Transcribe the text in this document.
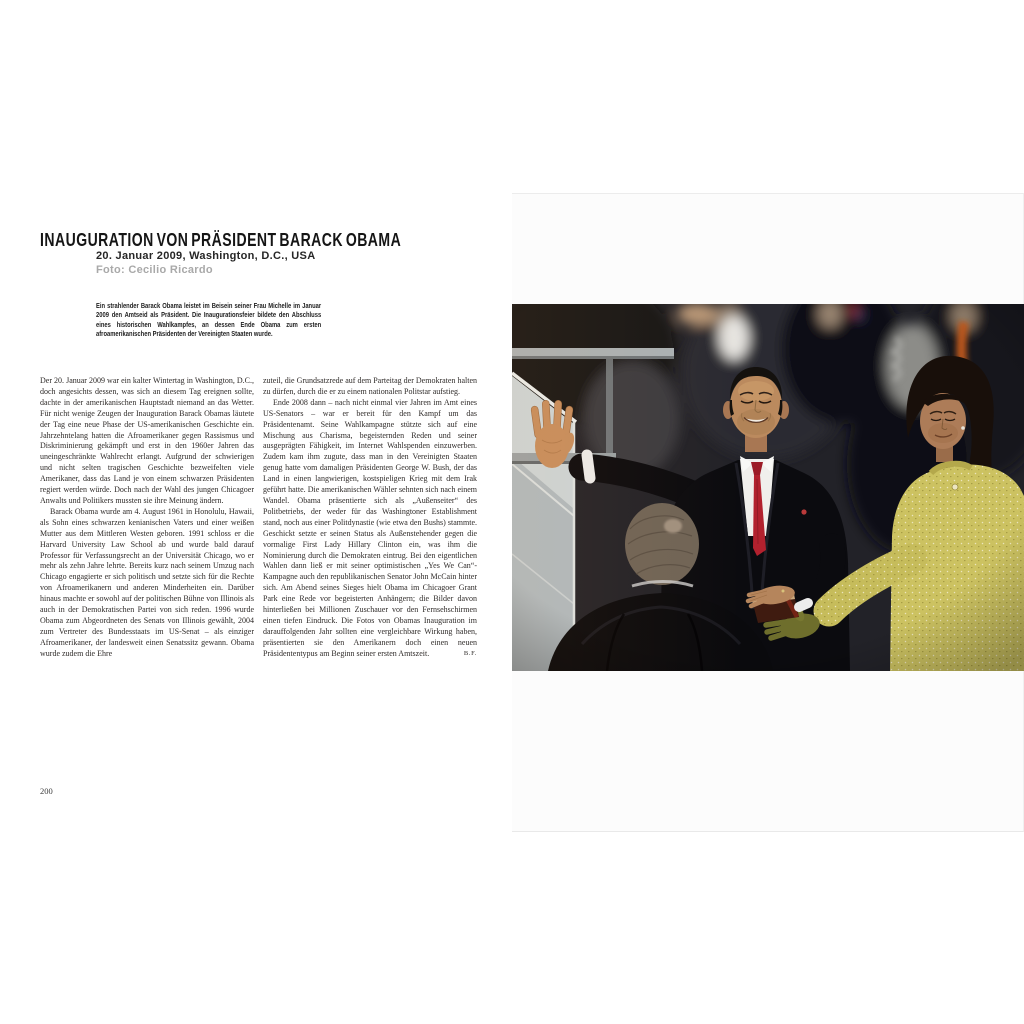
INAUGURATION VON PRÄSIDENT BARACK OBAMA
20. Januar 2009, Washington, D.C., USA
Foto: Cecilio Ricardo

Ein strahlender Barack Obama leistet im Beisein seiner Frau Michelle im Januar 2009 den Amtseid als Präsident. Die Inaugurationsfeier bildete den Abschluss eines historischen Wahlkampfes, an dessen Ende Obama zum ersten afroamerikanischen Präsidenten der Vereinigten Staaten wurde.

Der 20. Januar 2009 war ein kalter Wintertag in Washington, D.C., doch angesichts dessen, was sich an diesem Tag ereignen sollte, dachte in der amerikanischen Hauptstadt niemand an das Wetter. Für nicht wenige Zeugen der Inauguration Barack Obamas läutete der Tag eine neue Phase der US-amerikanischen Geschichte ein. Jahrzehntelang hatten die Afroamerikaner gegen Rassismus und Diskriminierung gekämpft und erst in den 1960er Jahren das uneingeschränkte Wahlrecht erlangt. Aufgrund der schwierigen und nicht selten tragischen Geschichte bezweifelten viele Amerikaner, dass das Land je von einem schwarzen Präsidenten regiert werden würde. Doch nach der Wahl des jungen Chicagoer Anwalts und Politikers mussten sie ihre Meinung ändern.

Barack Obama wurde am 4. August 1961 in Honolulu, Hawaii, als Sohn eines schwarzen kenianischen Vaters und einer weißen Mutter aus dem Mittleren Westen geboren. 1991 schloss er die Harvard University Law School ab und wurde bald darauf Professor für Verfassungsrecht an der Universität Chicago, wo er mehr als zehn Jahre lehrte. Bereits kurz nach seinem Umzug nach Chicago engagierte er sich politisch und setzte sich für die Rechte von Afroamerikanern und anderen Minderheiten ein. Darüber hinaus machte er sowohl auf der politischen Bühne von Illinois als auch in der Demokratischen Partei von sich reden. 1996 wurde Obama zum Abgeordneten des Senats von Illinois gewählt, 2004 zum Vertreter des Bundesstaats im US-Senat – als einziger Afroamerikaner, der landesweit einen Senatssitz gewann. Obama wurde zudem die Ehre

zuteil, die Grundsatzrede auf dem Parteitag der Demokraten halten zu dürfen, durch die er zu einem nationalen Politstar aufstieg.

Ende 2008 dann – nach nicht einmal vier Jahren im Amt eines US-Senators – war er bereit für den Kampf um das Präsidentenamt. Seine Wahlkampagne stützte sich auf eine Mischung aus Charisma, begeisternden Reden und seiner ausgeprägten Fähigkeit, im Internet Wahlspenden einzuwerben. Zudem kam ihm zugute, dass man in den Vereinigten Staaten genug hatte vom damaligen Präsidenten George W. Bush, der das Land in einen langwierigen, kostspieligen Krieg mit dem Irak geführt hatte. Die amerikanischen Wähler sehnten sich nach einem Wandel. Obama präsentierte sich als „Außenseiter“ des Politbetriebs, der weder für das Washingtoner Establishment stand, noch aus einer Politdynastie (wie etwa den Bushs) stammte. Geschickt setzte er seinen Status als Außenstehender gegen die vormalige First Lady Hillary Clinton ein, was ihm die Nominierung durch die Demokraten eintrug. Bei den eigentlichen Wahlen dann ließ er mit seiner optimistischen „Yes We Can“-Kampagne auch den republikanischen Senator John McCain hinter sich. Am Abend seines Sieges hielt Obama im Chicagoer Grant Park eine Rede vor begeisterten Anhängern; die Bilder davon hinterließen bei Millionen Zuschauer vor den Fernsehschirmen einen tiefen Eindruck. Die Fotos von Obamas Inauguration im darauffolgenden Jahr sollten eine vergleichbare Wirkung haben, präsentierten sie den Amerikanern doch einen neuen Präsidententypus am Beginn seiner ersten Amtszeit.	B.F.
200
